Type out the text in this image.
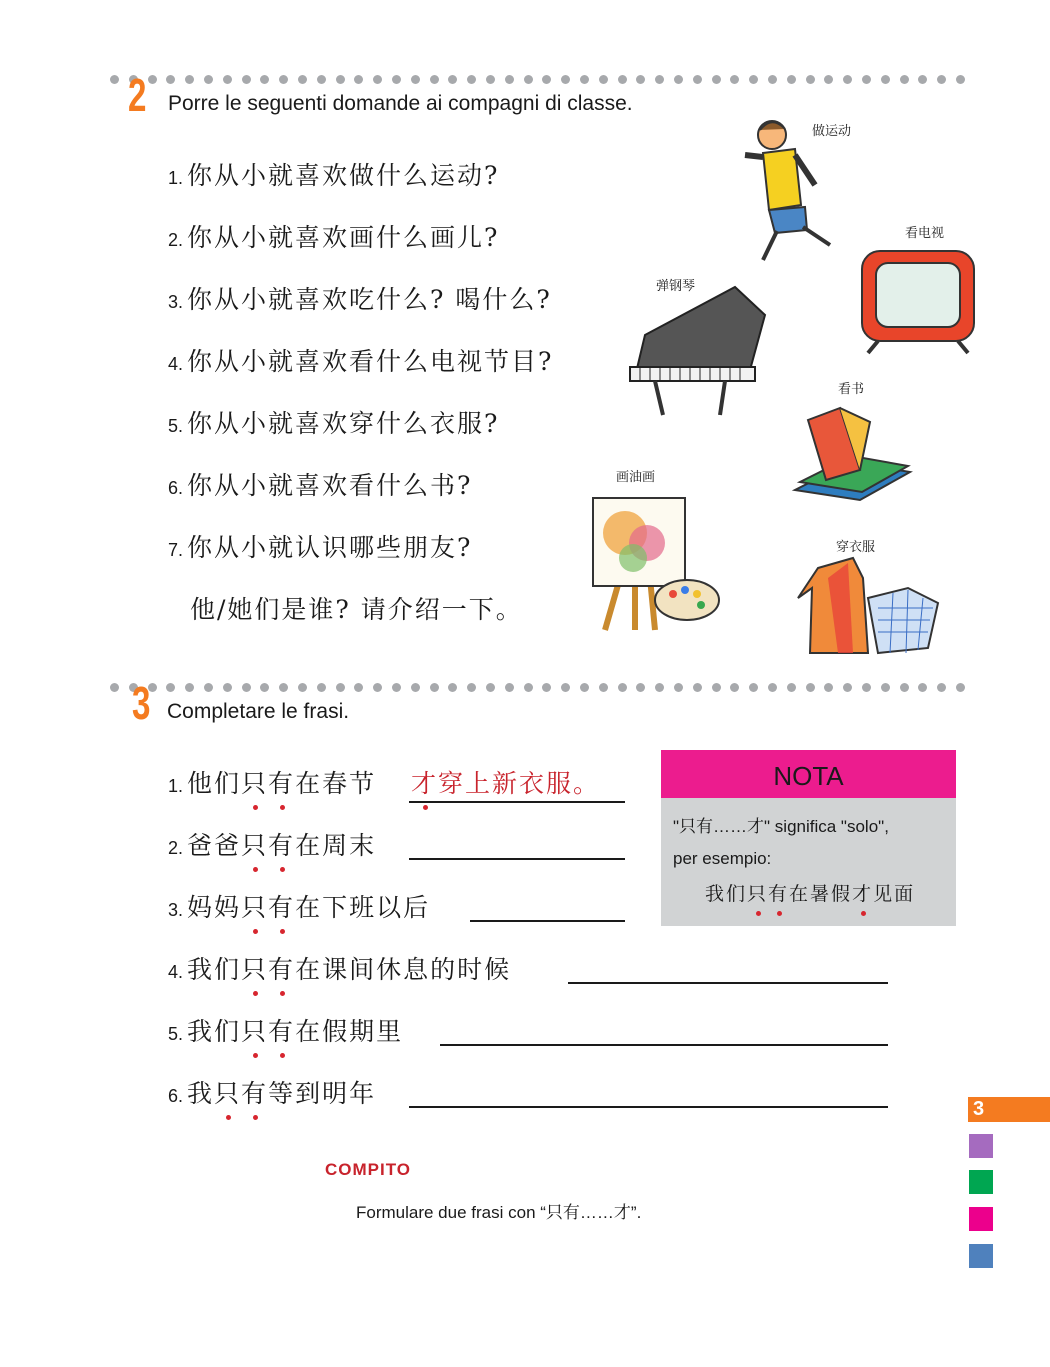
2 Porre le seguenti domande ai compagni di classe.
1. 你从小就喜欢做什么运动?
2. 你从小就喜欢画什么画儿?
3. 你从小就喜欢吃什么? 喝什么?
4. 你从小就喜欢看什么电视节目?
5. 你从小就喜欢穿什么衣服?
6. 你从小就喜欢看什么书?
7. 你从小就认识哪些朋友?
他/她们是谁? 请介绍一下。
做运动
看电视
弹钢琴
看书
画油画
穿衣服
3 Completare le frasi.
1. 他们只有在春节 才穿上新衣服。
2. 爸爸只有在周末
3. 妈妈只有在下班以后
4. 我们只有在课间休息的时候
5. 我们只有在假期里
6. 我只有等到明年
NOTA
"只有……才" significa "solo",
per esempio:
我们只有在暑假才见面
3
COMPITO
Formulare due frasi con “只有……才”.
